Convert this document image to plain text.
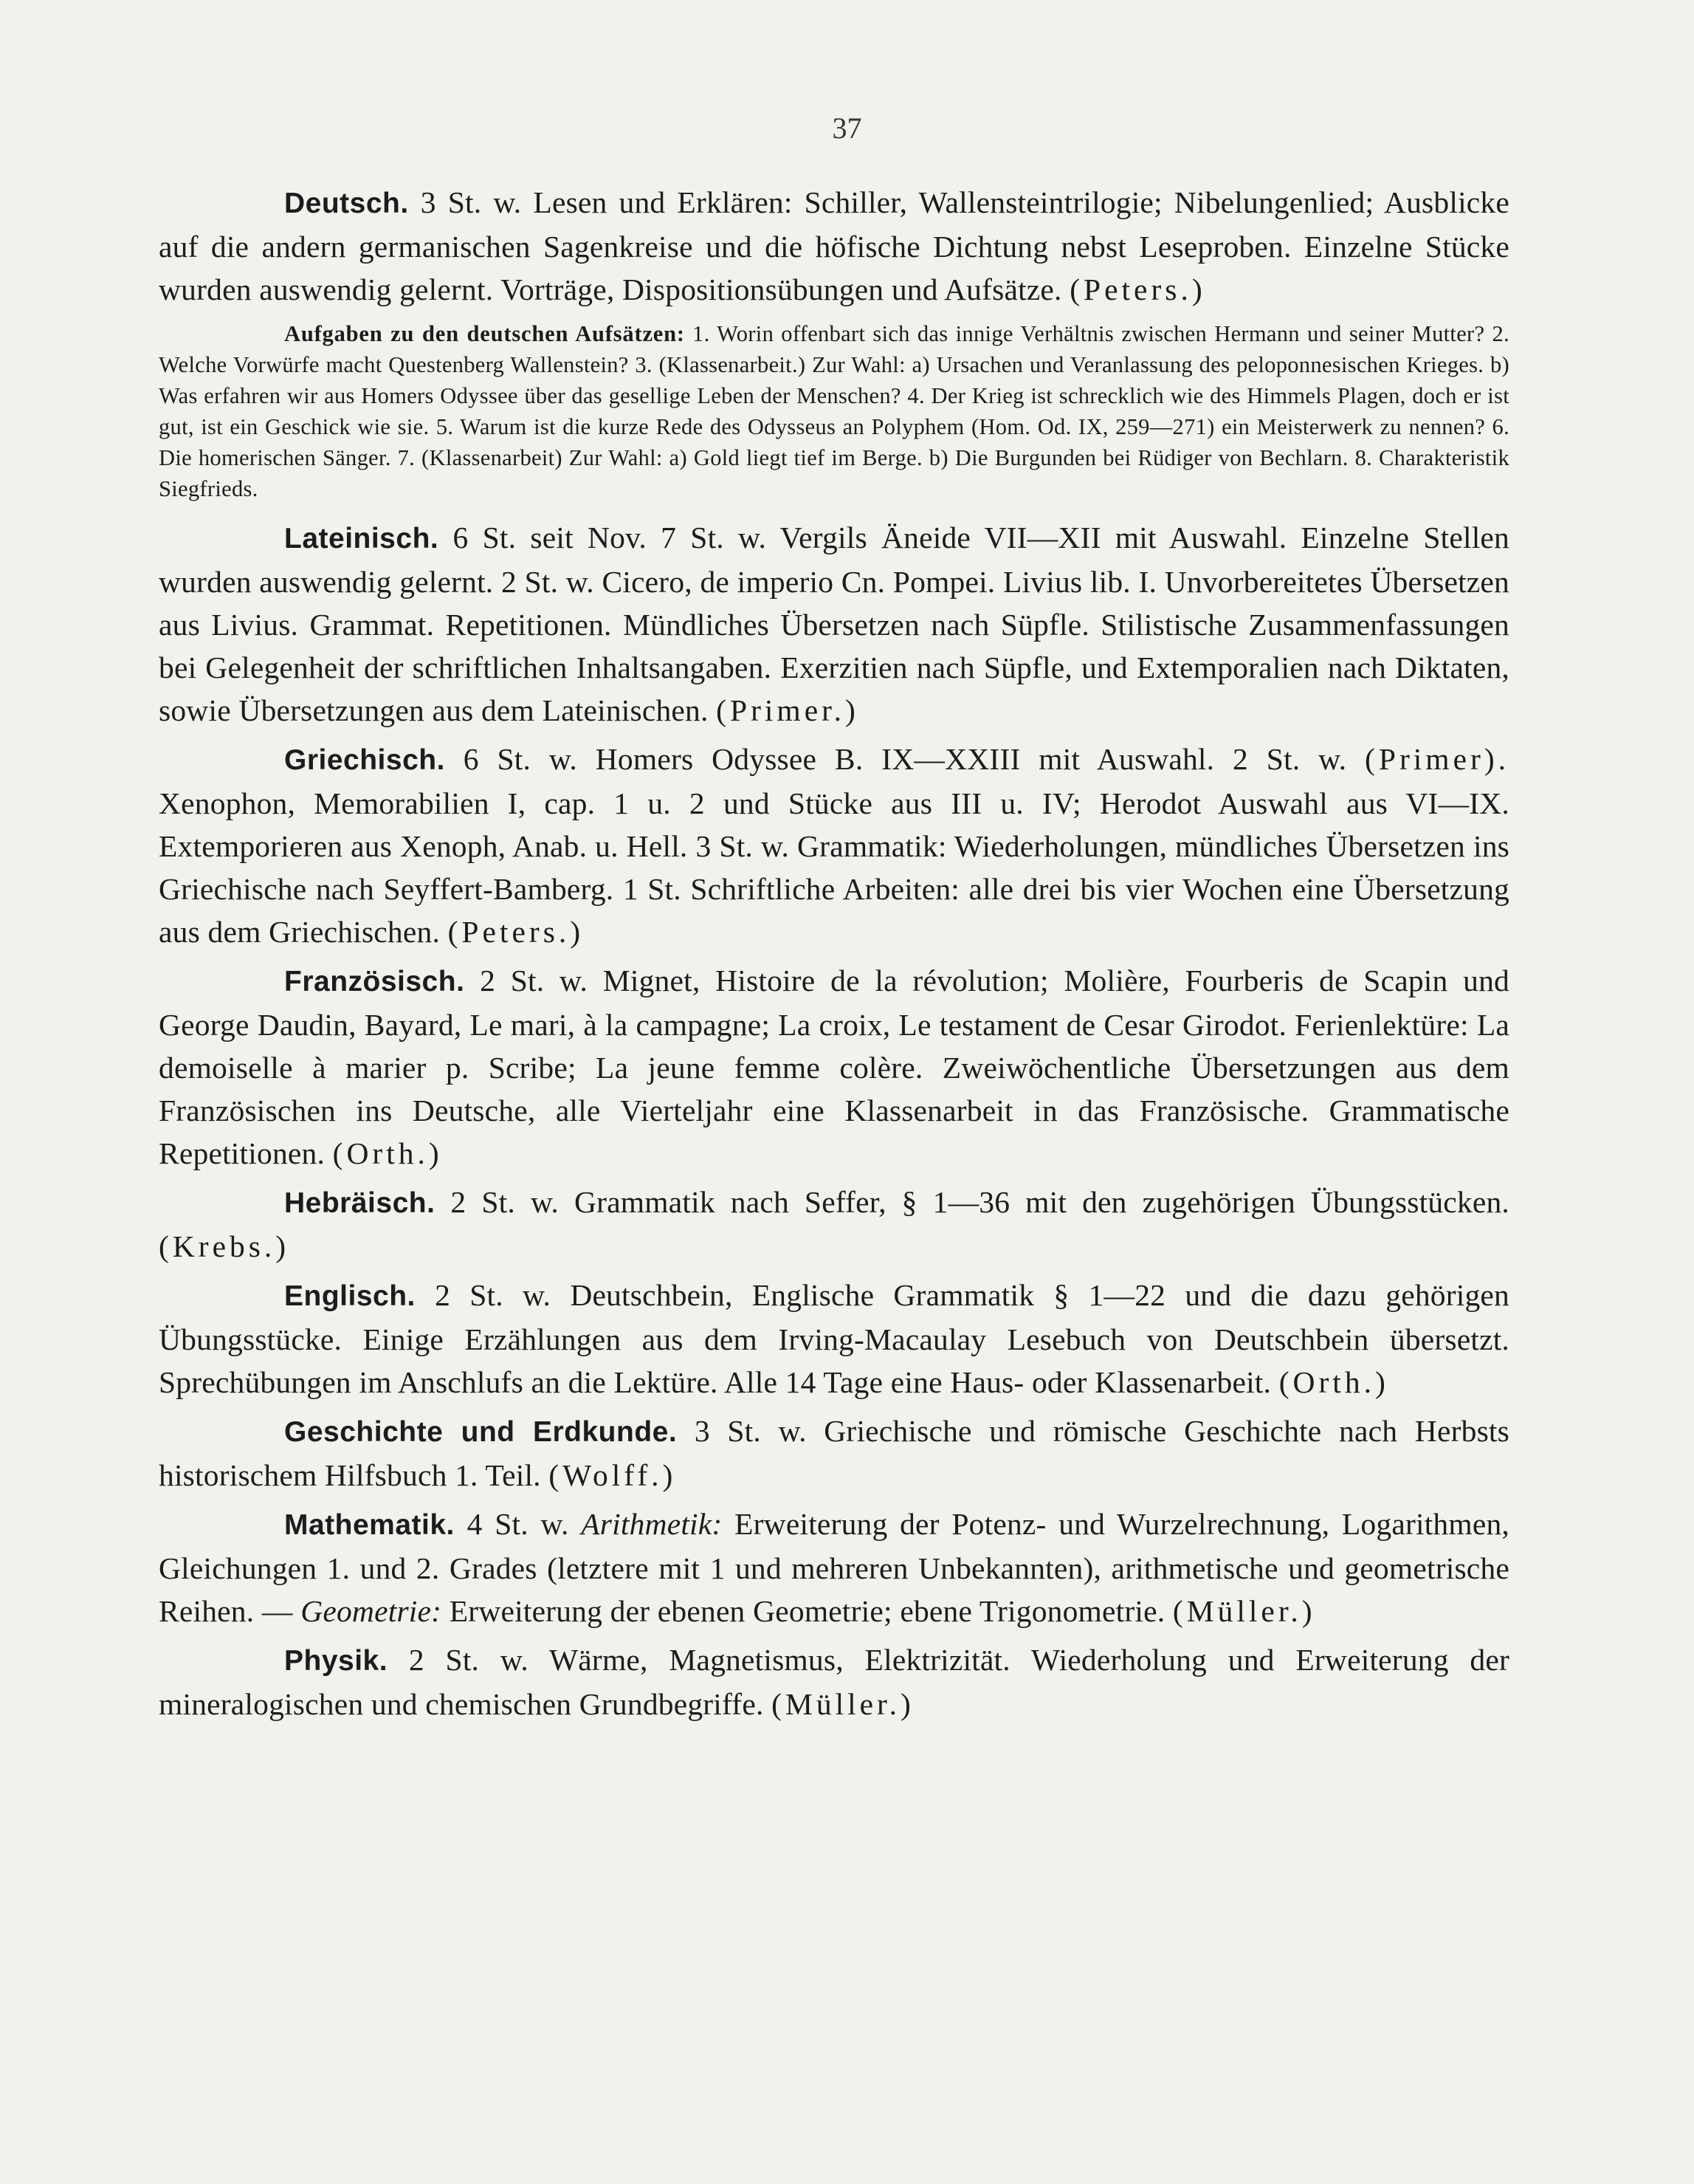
37

Deutsch. 3 St. w. Lesen und Erklären: Schiller, Wallensteintrilogie; Nibelungenlied; Ausblicke auf die andern germanischen Sagenkreise und die höfische Dichtung nebst Leseproben. Einzelne Stücke wurden auswendig gelernt. Vorträge, Dispositionsübungen und Aufsätze. (Peters.)

Aufgaben zu den deutschen Aufsätzen: 1. Worin offenbart sich das innige Verhältnis zwischen Hermann und seiner Mutter? 2. Welche Vorwürfe macht Questenberg Wallenstein? 3. (Klassenarbeit.) Zur Wahl: a) Ursachen und Veranlassung des peloponnesischen Krieges. b) Was erfahren wir aus Homers Odyssee über das gesellige Leben der Menschen? 4. Der Krieg ist schrecklich wie des Himmels Plagen, doch er ist gut, ist ein Geschick wie sie. 5. Warum ist die kurze Rede des Odysseus an Polyphem (Hom. Od. IX, 259—271) ein Meisterwerk zu nennen? 6. Die homerischen Sänger. 7. (Klassenarbeit) Zur Wahl: a) Gold liegt tief im Berge. b) Die Burgunden bei Rüdiger von Bechlarn. 8. Charakteristik Siegfrieds.

Lateinisch. 6 St. seit Nov. 7 St. w. Vergils Äneide VII—XII mit Auswahl. Einzelne Stellen wurden auswendig gelernt. 2 St. w. Cicero, de imperio Cn. Pompei. Livius lib. I. Unvorbereitetes Übersetzen aus Livius. Grammat. Repetitionen. Mündliches Übersetzen nach Süpfle. Stilistische Zusammenfassungen bei Gelegenheit der schriftlichen Inhaltsangaben. Exerzitien nach Süpfle, und Extemporalien nach Diktaten, sowie Übersetzungen aus dem Lateinischen. (Primer.)

Griechisch. 6 St. w. Homers Odyssee B. IX—XXIII mit Auswahl. 2 St. w. (Primer). Xenophon, Memorabilien I, cap. 1 u. 2 und Stücke aus III u. IV; Herodot Auswahl aus VI—IX. Extemporieren aus Xenoph, Anab. u. Hell. 3 St. w. Grammatik: Wiederholungen, mündliches Übersetzen ins Griechische nach Seyffert-Bamberg. 1 St. Schriftliche Arbeiten: alle drei bis vier Wochen eine Übersetzung aus dem Griechischen. (Peters.)

Französisch. 2 St. w. Mignet, Histoire de la révolution; Molière, Fourberis de Scapin und George Daudin, Bayard, Le mari, à la campagne; La croix, Le testament de Cesar Girodot. Ferienlektüre: La demoiselle à marier p. Scribe; La jeune femme colère. Zweiwöchentliche Übersetzungen aus dem Französischen ins Deutsche, alle Vierteljahr eine Klassenarbeit in das Französische. Grammatische Repetitionen. (Orth.)

Hebräisch. 2 St. w. Grammatik nach Seffer, § 1—36 mit den zugehörigen Übungsstücken. (Krebs.)

Englisch. 2 St. w. Deutschbein, Englische Grammatik § 1—22 und die dazu gehörigen Übungsstücke. Einige Erzählungen aus dem Irving-Macaulay Lesebuch von Deutschbein übersetzt. Sprechübungen im Anschlufs an die Lektüre. Alle 14 Tage eine Haus- oder Klassenarbeit. (Orth.)

Geschichte und Erdkunde. 3 St. w. Griechische und römische Geschichte nach Herbsts historischem Hilfsbuch 1. Teil. (Wolff.)

Mathematik. 4 St. w. Arithmetik: Erweiterung der Potenz- und Wurzelrechnung, Logarithmen, Gleichungen 1. und 2. Grades (letztere mit 1 und mehreren Unbekannten), arithmetische und geometrische Reihen. — Geometrie: Erweiterung der ebenen Geometrie; ebene Trigonometrie. (Müller.)

Physik. 2 St. w. Wärme, Magnetismus, Elektrizität. Wiederholung und Erweiterung der mineralogischen und chemischen Grundbegriffe. (Müller.)
